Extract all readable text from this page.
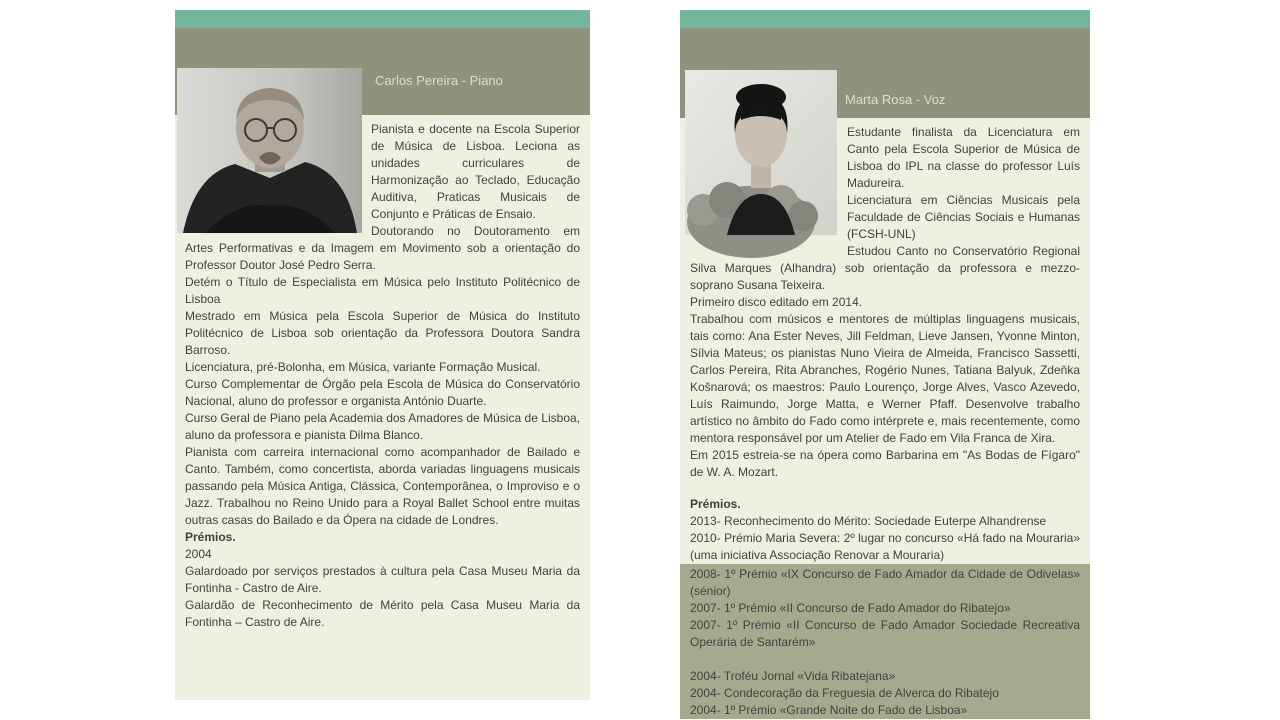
Carlos Pereira - Piano

Pianista e docente na Escola Superior de Música de Lisboa. Leciona as unidades curriculares de Harmonização ao Teclado, Educação Auditiva, Praticas Musicais de Conjunto e Práticas de Ensaio.

Doutorando no Doutoramento em Artes Performativas e da Imagem em Movimento sob a orientação do Professor Doutor José Pedro Serra.

Detém o Título de Especialista em Música pelo Instituto Politécnico de Lisboa

Mestrado em Música pela Escola Superior de Música do Instituto Politécnico de Lisboa sob orientação da Professora Doutora Sandra Barroso.

Licenciatura, pré-Bolonha, em Música, variante Formação Musical.

Curso Complementar de Órgão pela Escola de Música do Conservatório Nacional, aluno do professor e organista António Duarte.

Curso Geral de Piano pela Academia dos Amadores de Música de Lisboa, aluno da professora e pianista Dilma Blanco.

Pianista com carreira internacional como acompanhador de Bailado e Canto. Também, como concertista, aborda variadas linguagens musicais passando pela Música Antiga, Clássica, Contemporânea, o Improviso e o Jazz. Trabalhou no Reino Unido para a Royal Ballet School entre muitas outras casas do Bailado e da Ópera na cidade de Londres.

Prémios.

2004

Galardoado por serviços prestados à cultura pela Casa Museu Maria da Fontinha - Castro de Aire.

Galardão de Reconhecimento de Mérito pela Casa Museu Maria da Fontinha – Castro de Aire.

Marta Rosa - Voz

Estudante finalista da Licenciatura em Canto pela Escola Superior de Música de Lisboa do IPL na classe do professor Luís Madureira.

Licenciatura em Ciências Musicais pela Faculdade de Ciências Sociais e Humanas (FCSH-UNL)

Estudou Canto no Conservatório Regional Silva Marques (Alhandra) sob orientação da professora e mezzo-soprano Susana Teixeira.

Primeiro disco editado em 2014.

Trabalhou com músicos e mentores de múltiplas linguagens musicais, tais como: Ana Ester Neves, Jill Feldman, Lieve Jansen, Yvonne Minton, Sílvia Mateus; os pianistas Nuno Vieira de Almeida, Francisco Sassetti, Carlos Pereira, Rita Abranches, Rogério Nunes, Tatiana Balyuk, Zdeňka Košnarová; os maestros: Paulo Lourenço, Jorge Alves, Vasco Azevedo, Luís Raimundo, Jorge Matta, e Werner Pfaff. Desenvolve trabalho artístico no âmbito do Fado como intérprete e, mais recentemente, como mentora responsável por um Atelier de Fado em Vila Franca de Xira.

Em 2015 estreia-se na ópera como Barbarina em "As Bodas de Fígaro" de W. A. Mozart.

Prémios.

2013- Reconhecimento do Mérito: Sociedade Euterpe Alhandrense

2010- Prémio Maria Severa: 2º lugar no concurso «Há fado na Mouraria» (uma iniciativa Associação Renovar a Mouraria)

2008- 1º Prémio «IX Concurso de Fado Amador da Cidade de Odivelas» (sénior)

2007- 1º Prémio «II Concurso de Fado Amador do Ribatejo»

2007- 1º Prémio «II Concurso de Fado Amador Sociedade Recreativa Operária de Santarém»

2004- Troféu Jornal «Vida Ribatejana»

2004- Condecoração da Freguesia de Alverca do Ribatejo

2004- 1º Prémio «Grande Noite do Fado de Lisboa»
